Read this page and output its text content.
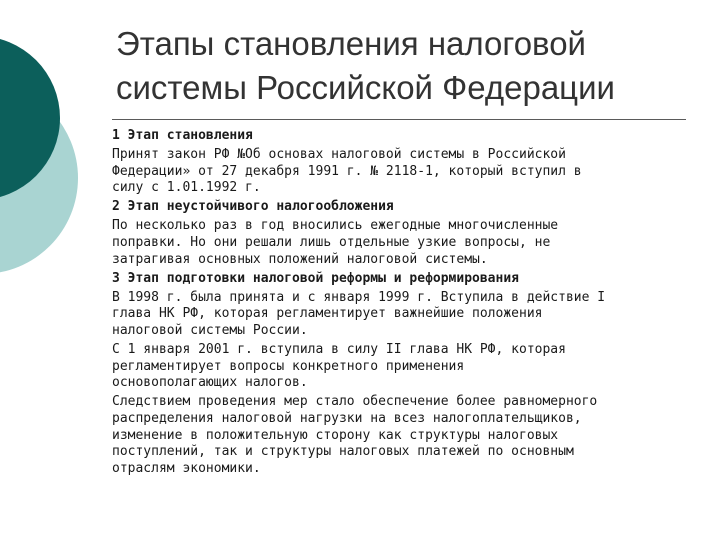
Этапы становления налоговой
системы Российской Федерации

1 Этап становления

Принят закон РФ №Об основах налоговой системы в Российской
Федерации» от 27 декабря 1991 г. № 2118-1, который вступил в
силу с 1.01.1992 г.

2 Этап неустойчивого налогообложения

По несколько раз в год вносились ежегодные многочисленные
поправки. Но они решали лишь отдельные узкие вопросы, не
затрагивая основных положений налоговой системы.

3 Этап подготовки налоговой реформы и реформирования

В 1998 г. была принята и с января 1999 г. Вступила в действие I
глава НК РФ, которая регламентирует важнейшие положения
налоговой системы России.

С 1 января 2001 г. вступила в силу II глава НК РФ, которая
регламентирует вопросы конкретного применения
основополагающих налогов.

Следствием проведения мер стало обеспечение более равномерного
распределения налоговой нагрузки на всез налогоплательщиков,
изменение в положительную сторону как структуры налоговых
поступлений, так и структуры налоговых платежей по основным
отраслям экономики.
